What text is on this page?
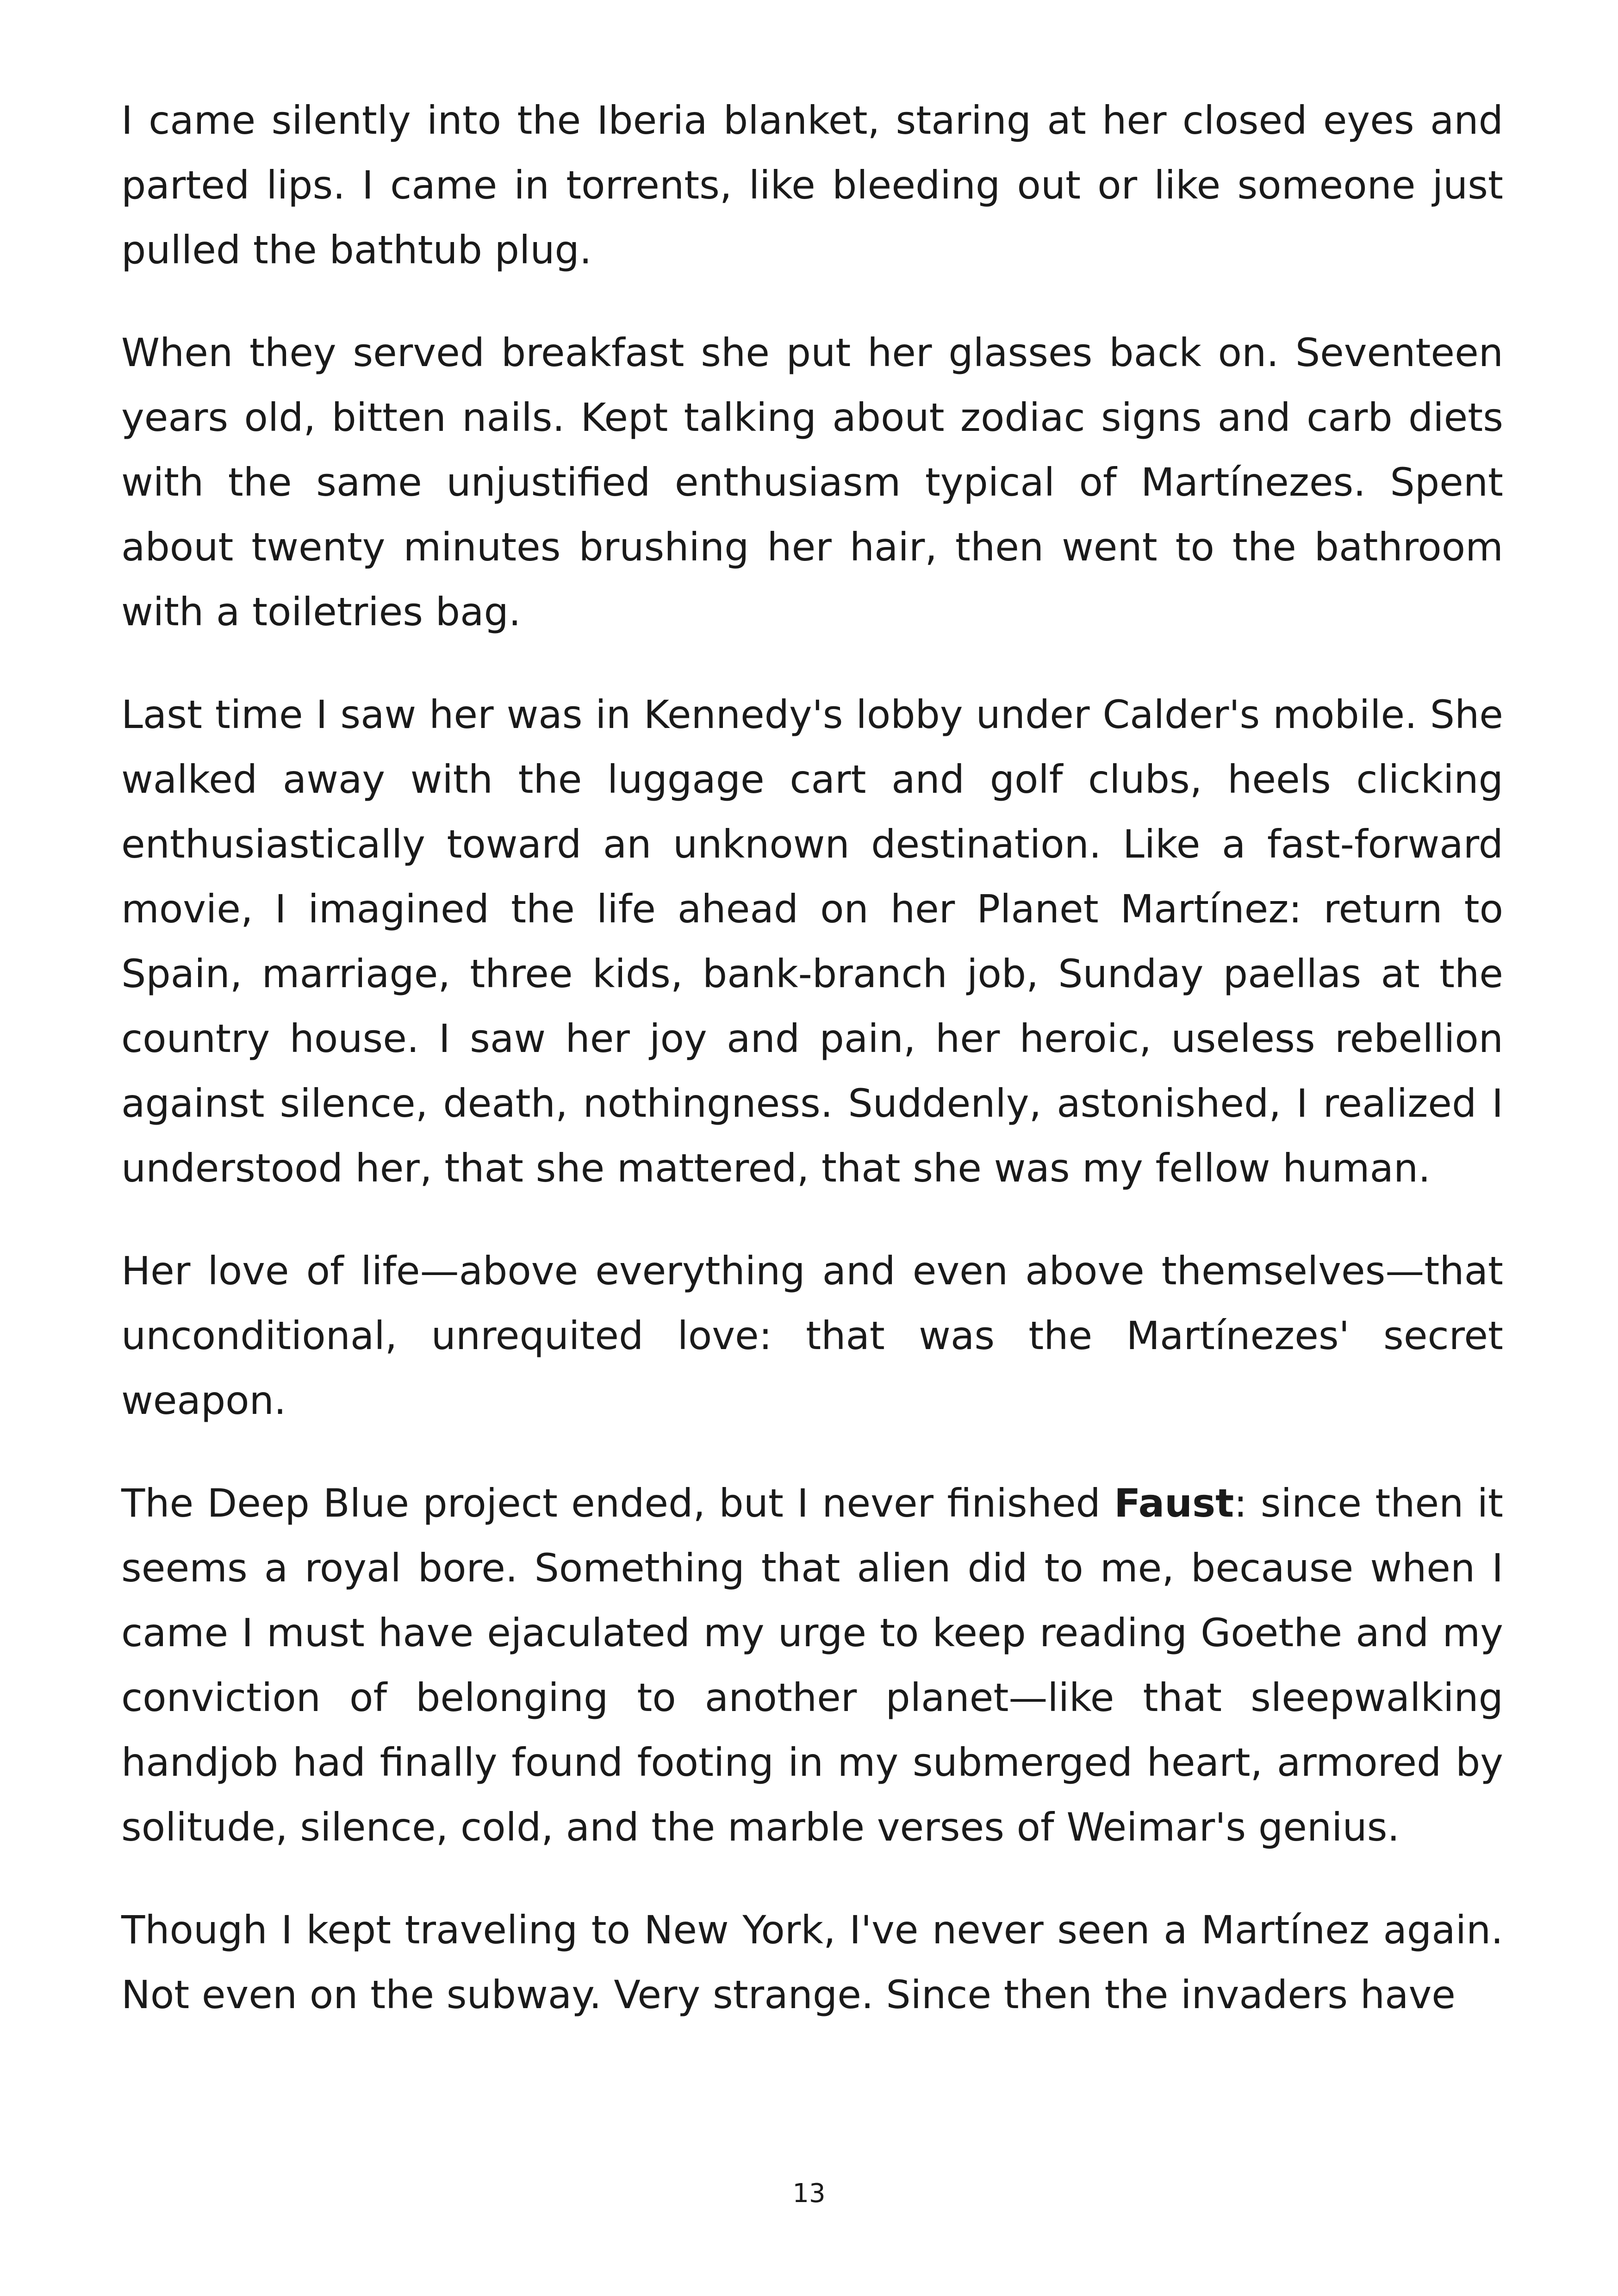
I came silently into the Iberia blanket, staring at her closed eyes and parted lips. I came in torrents, like bleeding out or like someone just pulled the bathtub plug.

When they served breakfast she put her glasses back on. Seventeen years old, bitten nails. Kept talking about zodiac signs and carb diets with the same unjustified enthusiasm typical of Martínezes. Spent about twenty minutes brushing her hair, then went to the bathroom with a toiletries bag.

Last time I saw her was in Kennedy's lobby under Calder's mobile. She walked away with the luggage cart and golf clubs, heels clicking enthusiastically toward an unknown destination. Like a fast-forward movie, I imagined the life ahead on her Planet Martínez: return to Spain, marriage, three kids, bank-branch job, Sunday paellas at the country house. I saw her joy and pain, her heroic, useless rebellion against silence, death, nothingness. Suddenly, astonished, I realized I understood her, that she mattered, that she was my fellow human.

Her love of life—above everything and even above themselves—that unconditional, unrequited love: that was the Martínezes' secret weapon.

The Deep Blue project ended, but I never finished Faust: since then it seems a royal bore. Something that alien did to me, because when I came I must have ejaculated my urge to keep reading Goethe and my conviction of belonging to another planet—like that sleepwalking handjob had finally found footing in my submerged heart, armored by solitude, silence, cold, and the marble verses of Weimar's genius.

Though I kept traveling to New York, I've never seen a Martínez again. Not even on the subway. Very strange. Since then the invaders have

13
